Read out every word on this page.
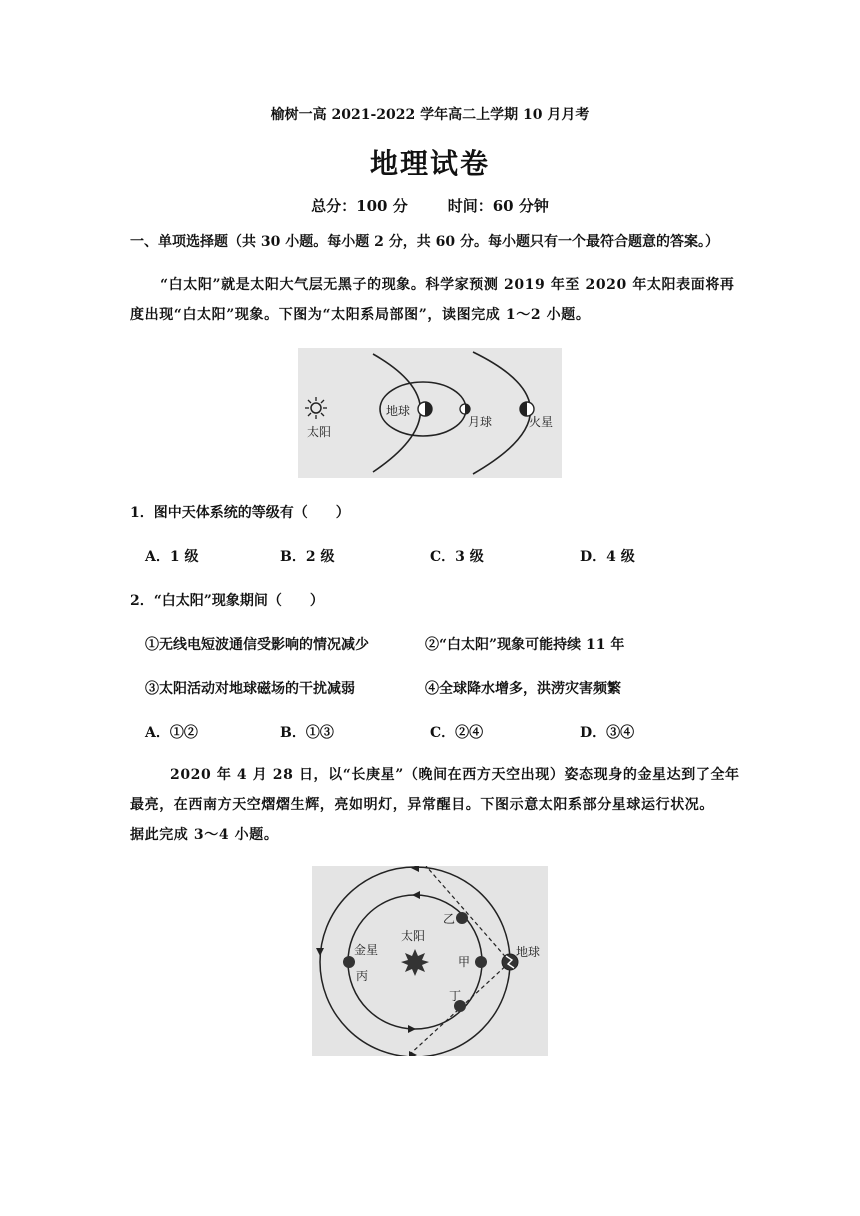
榆树一高 2021-2022 学年高二上学期 10 月月考
地理试卷
总分：100 分	时间：60 分钟
一、单项选择题（共 30 小题。每小题 2 分，共 60 分。每小题只有一个最符合题意的答案。）
“白太阳”就是太阳大气层无黑子的现象。科学家预测 2019 年至 2020 年太阳表面将再
度出现“白太阳”现象。下图为“太阳系局部图”，读图完成 1～2 小题。
太阳
地球
月球	火星
1．图中天体系统的等级有（　　）
A．1 级	B．2 级	C．3 级	D．4 级
2．“白太阳”现象期间（　　）
①无线电短波通信受影响的情况减少	②“白太阳”现象可能持续 11 年
③太阳活动对地球磁场的干扰减弱	④全球降水增多，洪涝灾害频繁
A．①②	B．①③	C．②④	D．③④
2020 年 4 月 28 日，以“长庚星”（晚间在西方天空出现）姿态现身的金星达到了全年
最亮，在西南方天空熠熠生辉，亮如明灯，异常醒目。下图示意太阳系部分星球运行状况。
据此完成 3～4 小题。
太阳
乙
甲
金星
丙
丁
地球
